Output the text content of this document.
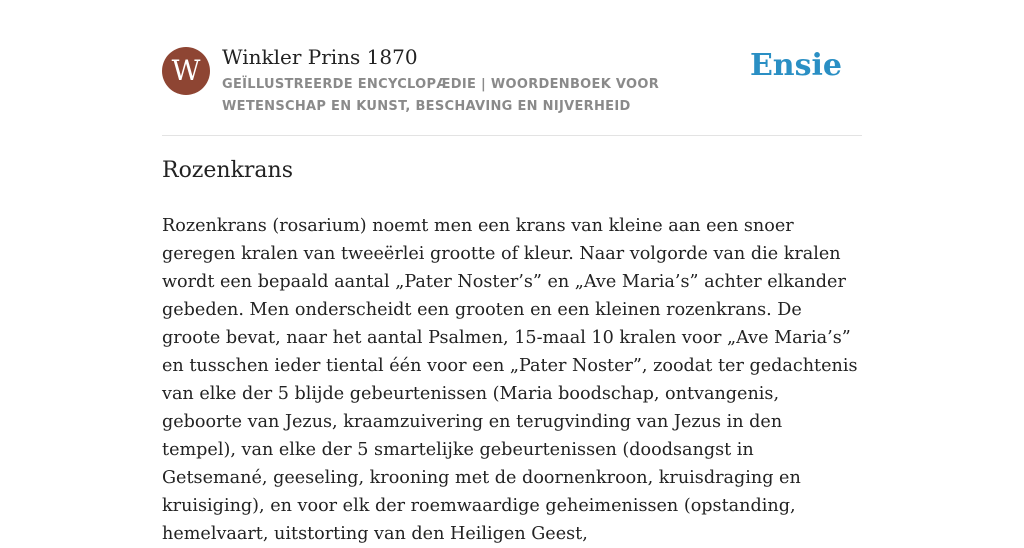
W	Winkler Prins 1870
GEÏLLUSTREERDE ENCYCLOPÆDIE | WOORDENBOEK VOOR WETENSCHAP EN KUNST, BESCHAVING EN NIJVERHEID
Ensie
Rozenkrans

Rozenkrans (rosarium) noemt men een krans van kleine aan een snoer geregen kralen van tweeërlei grootte of kleur. Naar volgorde van die kralen wordt een bepaald aantal „Pater Noster’s” en „Ave Maria’s” achter elkander gebeden. Men onderscheidt een grooten en een kleinen rozenkrans. De groote bevat, naar het aantal Psalmen, 15-maal 10 kralen voor „Ave Maria’s” en tusschen ieder tiental één voor een „Pater Noster”, zoodat ter gedachtenis van elke der 5 blijde gebeurtenissen (Maria boodschap, ontvangenis, geboorte van Jezus, kraamzuivering en terugvinding van Jezus in den tempel), van elke der 5 smartelijke gebeurtenissen (doodsangst in Getsemané, geeseling, krooning met de doornenkroon, kruisdraging en kruisiging), en voor elk der roemwaardige geheimenissen (opstanding, hemelvaart, uitstorting van den Heiligen Geest,
